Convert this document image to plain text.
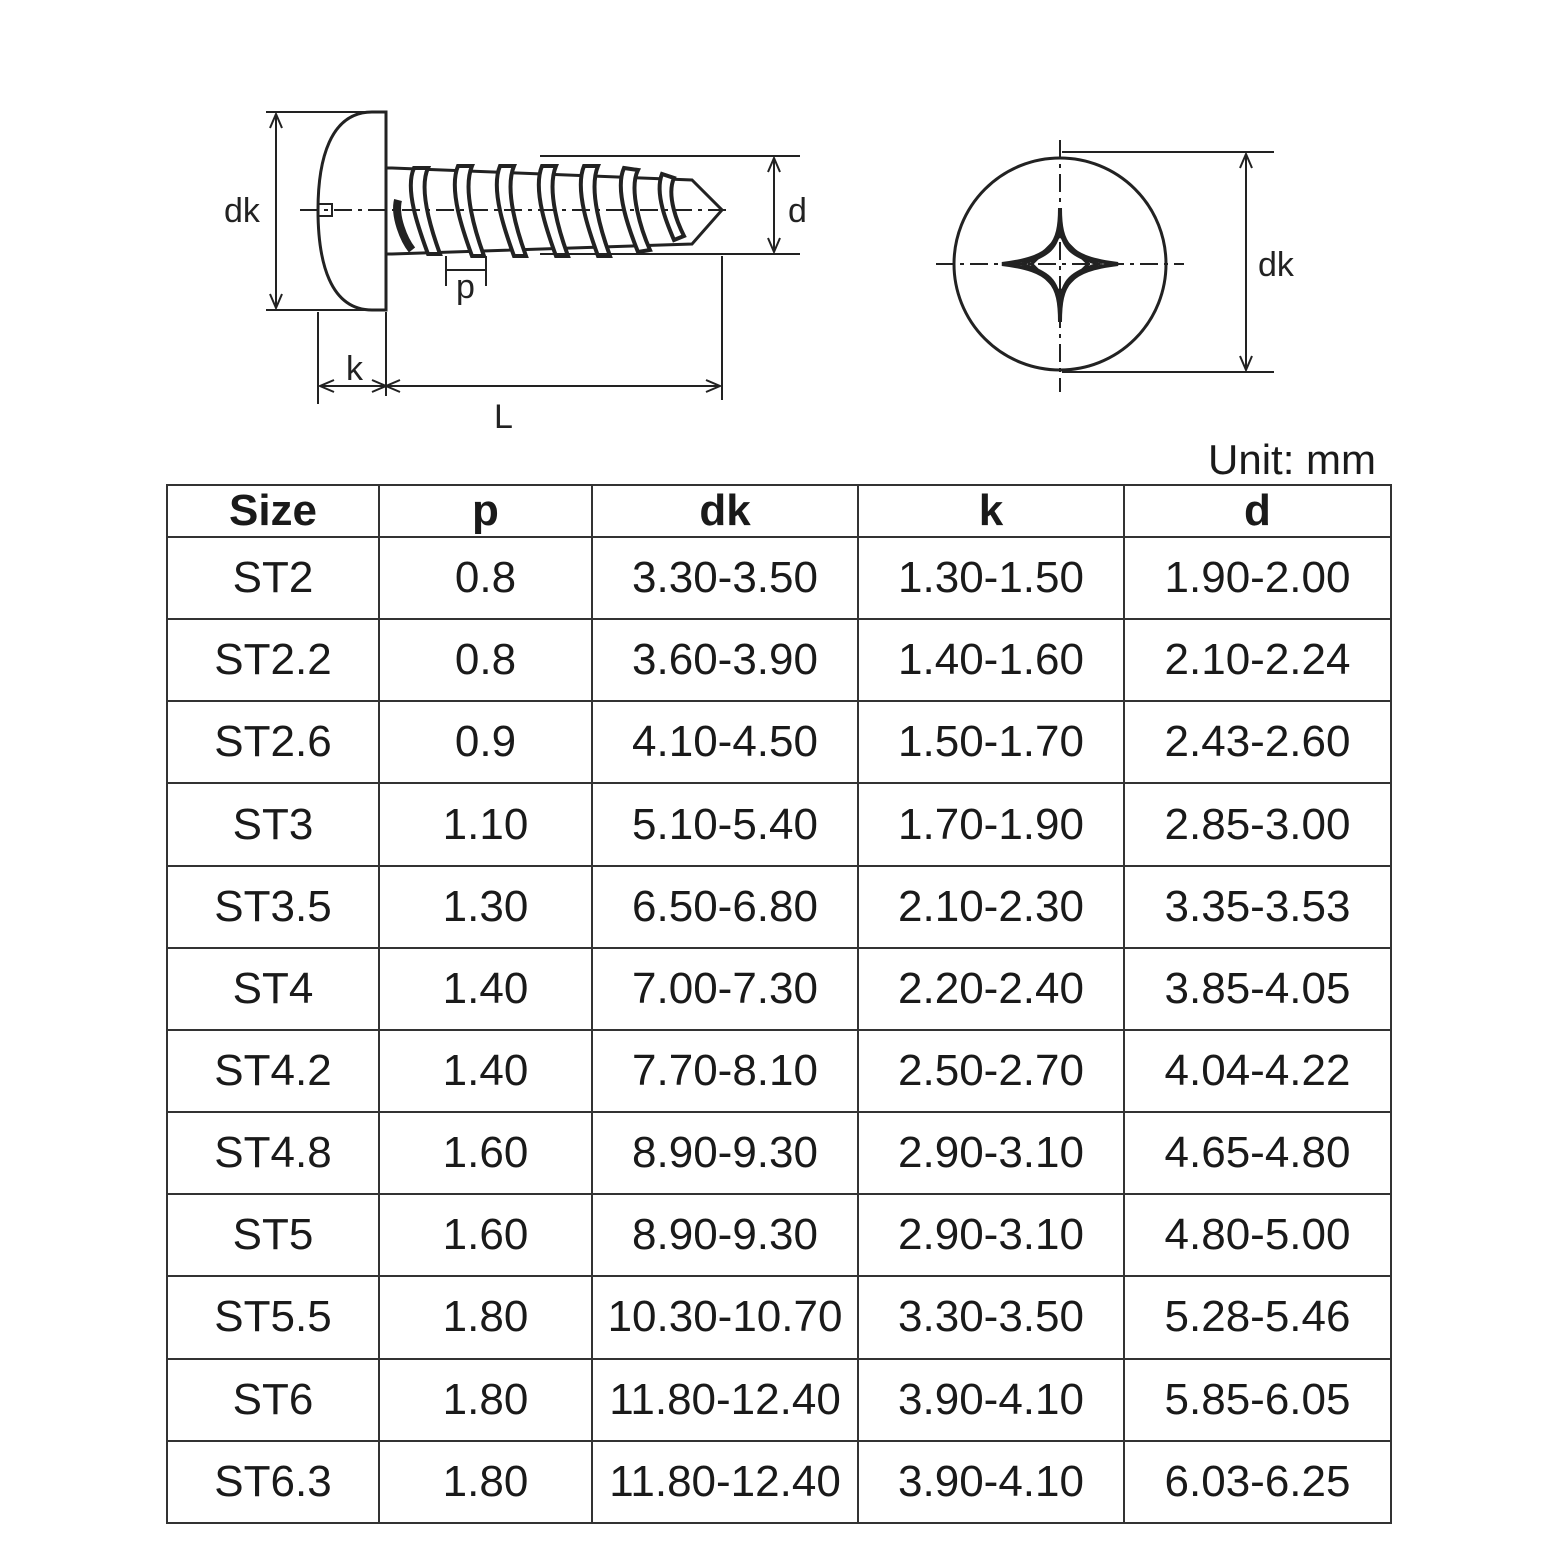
dk	d
p
k
L
dk
Unit: mm
Size	p	dk	k	d
ST2	0.8	3.30-3.50	1.30-1.50	1.90-2.00
ST2.2	0.8	3.60-3.90	1.40-1.60	2.10-2.24
ST2.6	0.9	4.10-4.50	1.50-1.70	2.43-2.60
ST3	1.10	5.10-5.40	1.70-1.90	2.85-3.00
ST3.5	1.30	6.50-6.80	2.10-2.30	3.35-3.53
ST4	1.40	7.00-7.30	2.20-2.40	3.85-4.05
ST4.2	1.40	7.70-8.10	2.50-2.70	4.04-4.22
ST4.8	1.60	8.90-9.30	2.90-3.10	4.65-4.80
ST5	1.60	8.90-9.30	2.90-3.10	4.80-5.00
ST5.5	1.80	10.30-10.70	3.30-3.50	5.28-5.46
ST6	1.80	11.80-12.40	3.90-4.10	5.85-6.05
ST6.3	1.80	11.80-12.40	3.90-4.10	6.03-6.25
